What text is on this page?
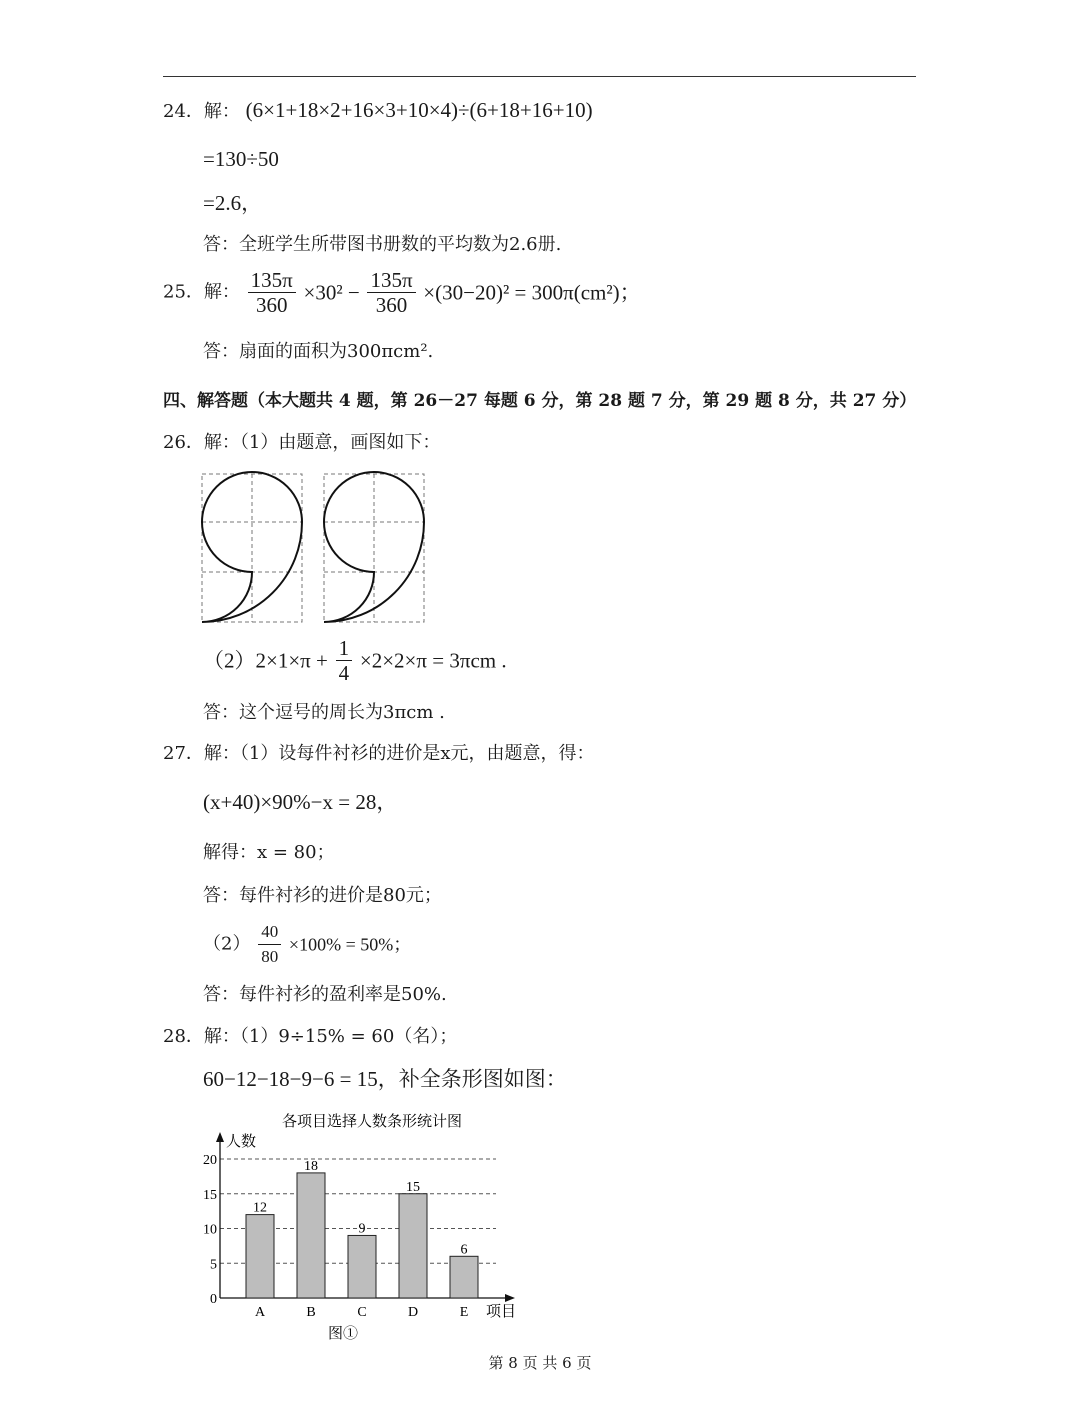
24．解： (6×1+18×2+16×3+10×4)÷(6+18+16+10)
=130÷50
=2.6，
答：全班学生所带图书册数的平均数为2.6册.
25．解： $\frac{135\pi}{360} \times 30^2 - \frac{135\pi}{360} \times(30-20)^2 = 300\pi(cm^2)$；
答：扇面的面积为300πcm².
四、解答题（本大题共 4 题，第 26－27 每题 6 分，第 28 题 7 分，第 29 题 8 分，共 27 分）
26．解：（1）由题意，画图如下：
$(2)2\times 1\times\pi + \frac{1}{4} \times 2\times 2\times\pi = 3\pi cm$ .
答：这个逗号的周长为3πcm .
27．解：（1）设每件衬衫的进价是x元，由题意，得：
(x+40)×90%−x = 28，
解得：x = 80；
答：每件衬衫的进价是80元；
$(2) \frac{40}{80} \times 100\% = 50\%$；
答：每件衬衫的盈利率是50%.
28．解：（1）9÷15% = 60（名）；
60−12−18−9−6 = 15，补全条形图如图：
各项目选择人数条形统计图
人数
项目
0
5
10
15
20
12
A
18
B
9
C
15
D
6
E
图①
第 8 页 共 6 页
